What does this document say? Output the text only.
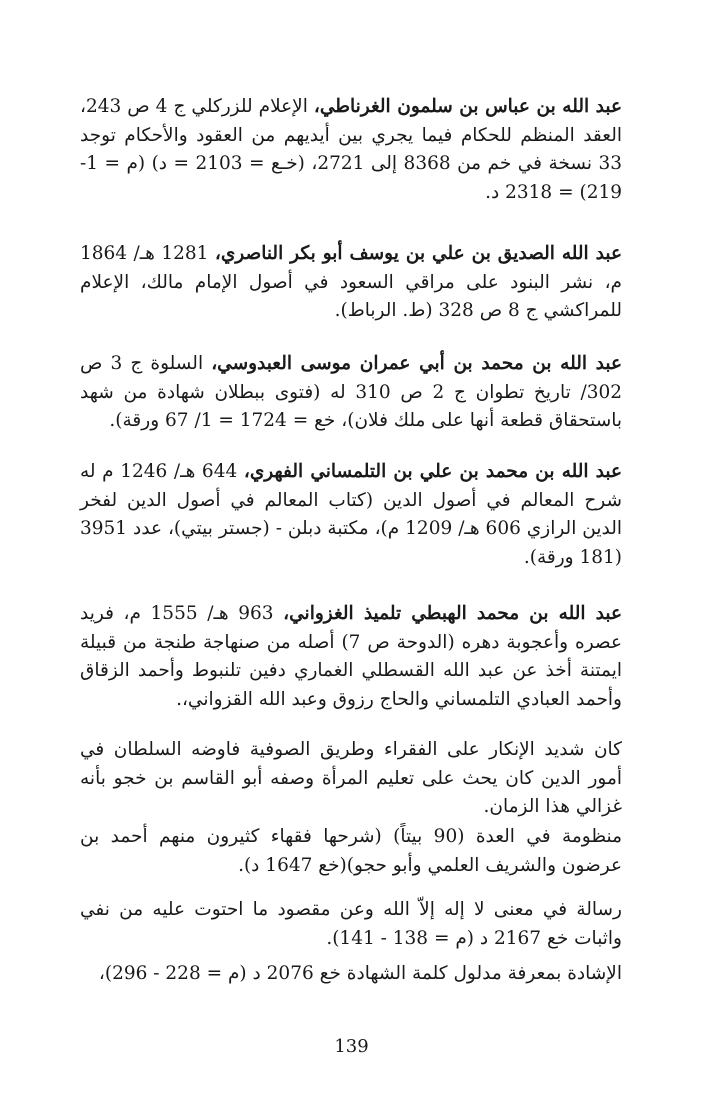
عبد الله بن عباس بن سلمون الغرناطي، الإعلام للزركلي ج 4 ص 243، العقد المنظم للحكام فيما يجري بين أيديهم من العقود والأحكام توجد 33 نسخة في خم من 8368 إلى 2721، (خـع = 2103 = د) (م = 1-219) = 2318 د.

عبد الله الصديق بن علي بن يوسف أبو بكر الناصري، 1281 هـ/ 1864 م، نشر البنود على مراقي السعود في أصول الإمام مالك، الإعلام للمراكشي ج 8 ص 328 (ط. الرباط).

عبد الله بن محمد بن أبي عمران موسى العبدوسي، السلوة ج 3 ص 302/ تاريخ تطوان ج 2 ص 310 له (فتوى ببطلان شهادة من شهد باستحقاق قطعة أنها على ملك فلان)، خع = 1724 = 1/ 67 ورقة).

عبد الله بن محمد بن علي بن التلمساني الفهري، 644 هـ/ 1246 م له شرح المعالم في أصول الدين (كتاب المعالم في أصول الدين لفخر الدين الرازي 606 هـ/ 1209 م)، مكتبة دبلن - (جستر بيتي)، عدد 3951 (181 ورقة).

عبد الله بن محمد الهبطي تلميذ الغزواني، 963 هـ/ 1555 م، فريد عصره وأعجوبة دهره (الدوحة ص 7) أصله من صنهاجة طنجة من قبيلة ايمتنة أخذ عن عبد الله القسطلي الغماري دفين تلنبوط وأحمد الزقاق وأحمد العبادي التلمساني والحاج رزوق وعبد الله القزواني،.

كان شديد الإنكار على الفقراء وطريق الصوفية فاوضه السلطان في أمور الدين كان يحث على تعليم المرأة وصفه أبو القاسم بن خجو بأنه غزالي هذا الزمان.

منظومة في العدة (90 بيتاً) (شرحها فقهاء كثيرون منهم أحمد بن عرضون والشريف العلمي وأبو حجو)(خع 1647 د).

رسالة في معنى لا إله إلاّ الله وعن مقصود ما احتوت عليه من نفي واثبات خع 2167 د (م = 138 - 141).

الإشادة بمعرفة مدلول كلمة الشهادة خع 2076 د (م = 228 - 296)،

139
